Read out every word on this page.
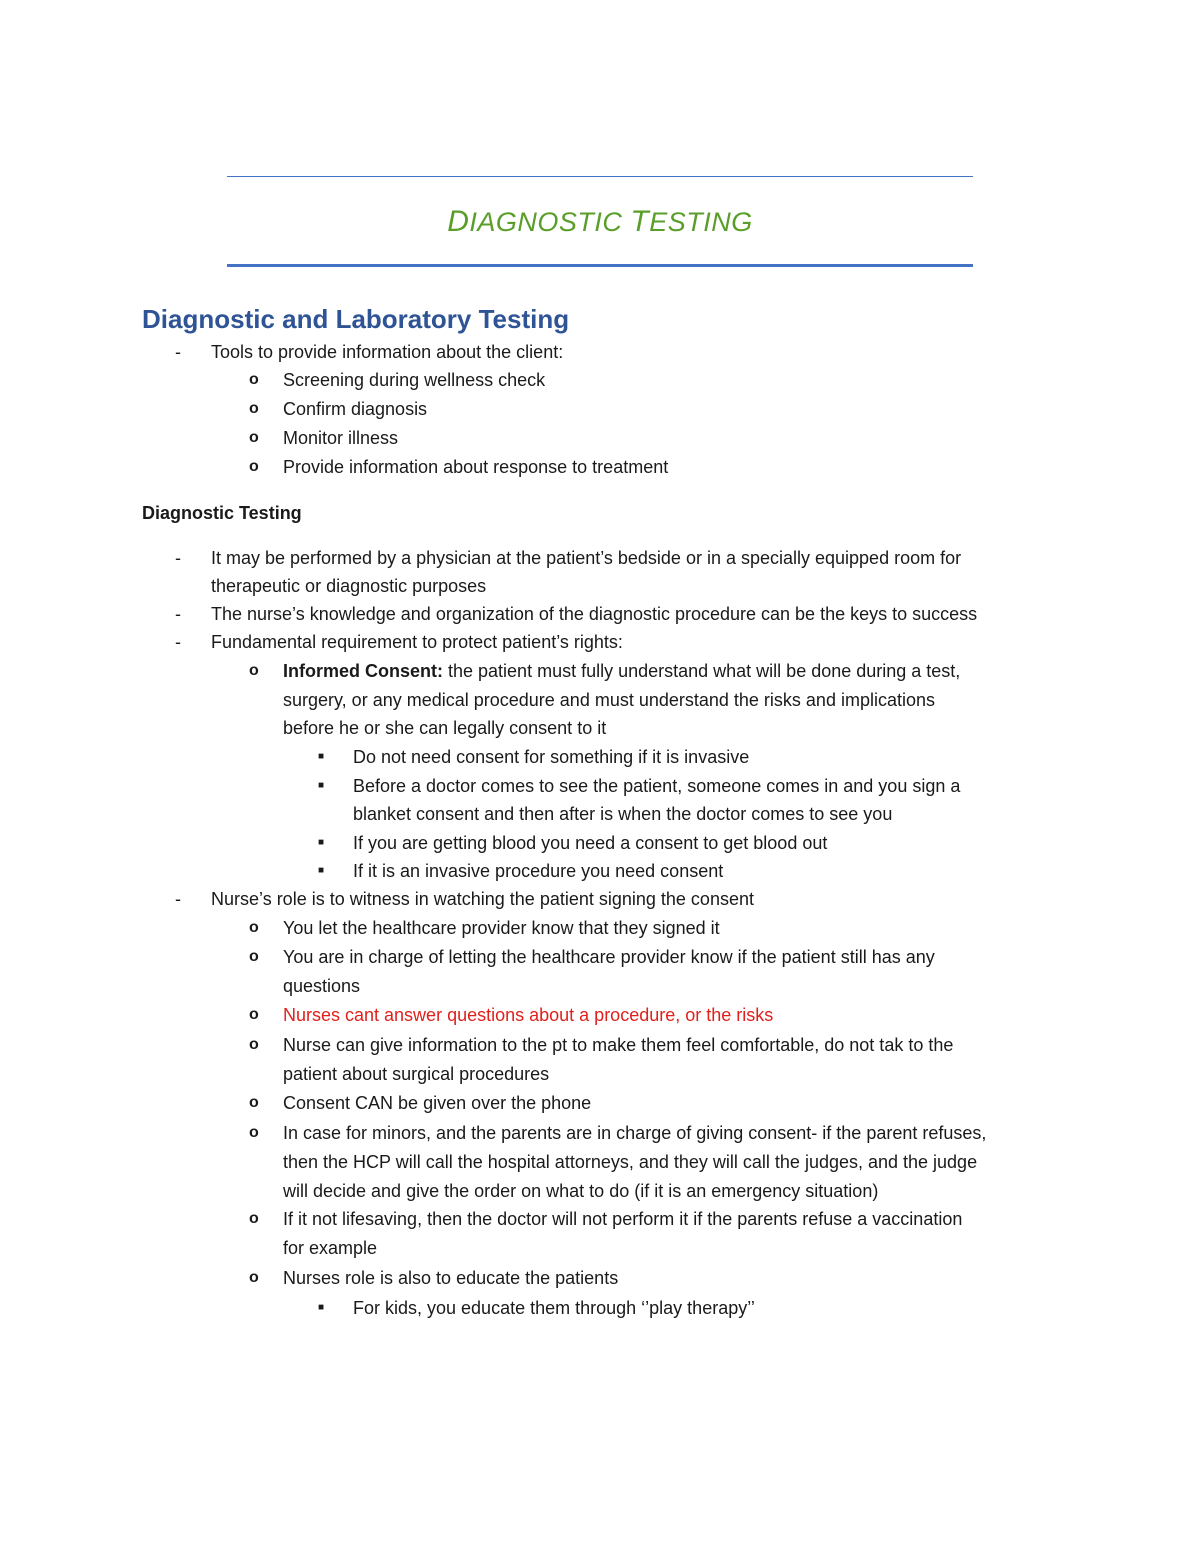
DIAGNOSTIC TESTING
Diagnostic and Laboratory Testing
- Tools to provide information about the client:
o Screening during wellness check
o Confirm diagnosis
o Monitor illness
o Provide information about response to treatment
Diagnostic Testing
- It may be performed by a physician at the patient’s bedside or in a specially equipped room for
therapeutic or diagnostic purposes
- The nurse’s knowledge and organization of the diagnostic procedure can be the keys to success
- Fundamental requirement to protect patient’s rights:
o Informed Consent: the patient must fully understand what will be done during a test,
surgery, or any medical procedure and must understand the risks and implications
before he or she can legally consent to it
■ Do not need consent for something if it is invasive
■ Before a doctor comes to see the patient, someone comes in and you sign a
blanket consent and then after is when the doctor comes to see you
■ If you are getting blood you need a consent to get blood out
■ If it is an invasive procedure you need consent
- Nurse’s role is to witness in watching the patient signing the consent
o You let the healthcare provider know that they signed it
o You are in charge of letting the healthcare provider know if the patient still has any
questions
o Nurses cant answer questions about a procedure, or the risks
o Nurse can give information to the pt to make them feel comfortable, do not tak to the
patient about surgical procedures
o Consent CAN be given over the phone
o In case for minors, and the parents are in charge of giving consent- if the parent refuses,
then the HCP will call the hospital attorneys, and they will call the judges, and the judge
will decide and give the order on what to do (if it is an emergency situation)
o If it not lifesaving, then the doctor will not perform it if the parents refuse a vaccination
for example
o Nurses role is also to educate the patients
■ For kids, you educate them through ‘’play therapy’’
